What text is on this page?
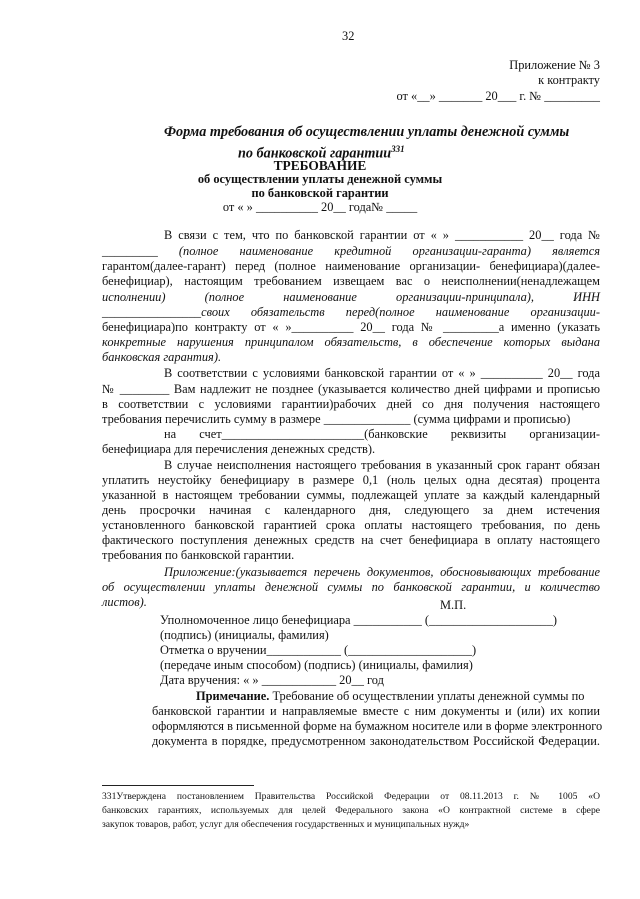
32
Приложение № 3
к контракту
от «__» _______ 20___ г. № _________
Форма требования об осуществлении уплаты денежной суммы
по банковской гарантии$^{331}$
ТРЕБОВАНИЕ
об осуществлении уплаты денежной суммы
по банковской гарантии
от « » __________ 20__ года№ _____
В связи с тем, что по банковской гарантии от « » ___________ 20__ года №
_________ (полное наименование кредитной организации-гаранта) является
гарантом(далее-гарант) перед (полное наименование организации- бенефициара)(далее-
бенефициар), настоящим требованием извещаем вас о неисполнении(ненадлежащем
исполнении) (полное наименование организации-принципала), ИНН
________________своих обязательств перед(полное наименование организации-
бенефициара)по контракту от « »__________ 20__ года № _________а именно (указать
конкретные нарушения принципалом обязательств, в обеспечение которых выдана
банковская гарантия).
В соответствии с условиями банковской гарантии от « » __________ 20__ года
№ ________ Вам надлежит не позднее (указывается количество дней цифрами и прописью
в соответствии с условиями гарантии)рабочих дней со дня получения настоящего
требования перечислить сумму в размере ______________ (сумма цифрами и прописью)
на счет_______________________(банковские реквизиты организации-
бенефициара для перечисления денежных средств).
В случае неисполнения настоящего требования в указанный срок гарант обязан
уплатить неустойку бенефициару в размере 0,1 (ноль целых одна десятая) процента
указанной в настоящем требовании суммы, подлежащей уплате за каждый календарный
день просрочки начиная с календарного дня, следующего за днем истечения
установленного банковской гарантией срока оплаты настоящего требования, по день
фактического поступления денежных средств на счет бенефициара в оплату настоящего
требования по банковской гарантии.
Приложение:(указывается перечень документов, обосновывающих требование
об осуществлении уплаты денежной суммы по банковской гарантии, и количество
листов).	М.П.
Уполномоченное лицо бенефициара ___________ (____________________)
(подпись) (инициалы, фамилия)
Отметка о вручении____________ (____________________)
(передаче иным способом) (подпись) (инициалы, фамилия)
Дата вручения: « » ____________ 20__ год
Примечание. Требование об осуществлении уплаты денежной суммы по
банковской гарантии и направляемые вместе с ним документы и (или) их копии
оформляются в письменной форме на бумажном носителе или в форме электронного
документа в порядке, предусмотренном законодательством Российской Федерации.
331Утверждена постановлением Правительства Российской Федерации от 08.11.2013 г. № 1005 «О
банковских гарантиях, используемых для целей Федерального закона «О контрактной системе в сфере
закупок товаров, работ, услуг для обеспечения государственных и муниципальных нужд»
